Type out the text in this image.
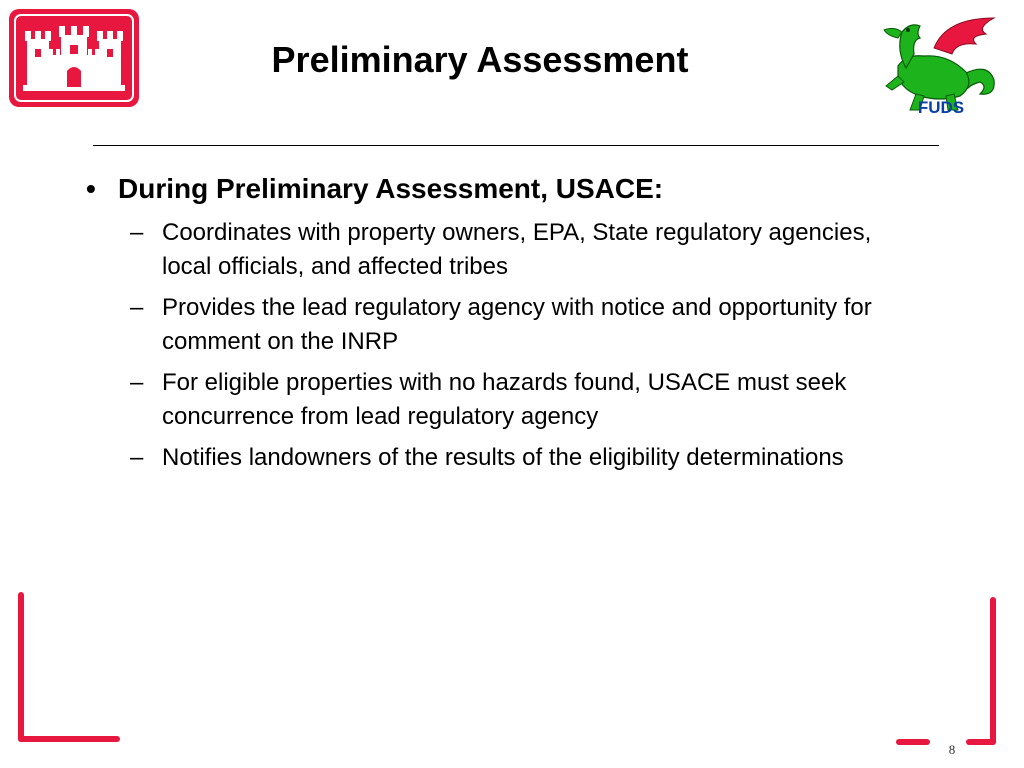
FUDS
Preliminary Assessment
• During Preliminary Assessment, USACE:
– Coordinates with property owners, EPA, State regulatory agencies, local officials, and affected tribes
– Provides the lead regulatory agency with notice and opportunity for comment on the INRP
– For eligible properties with no hazards found, USACE must seek concurrence from lead regulatory agency
– Notifies landowners of the results of the eligibility determinations
8
